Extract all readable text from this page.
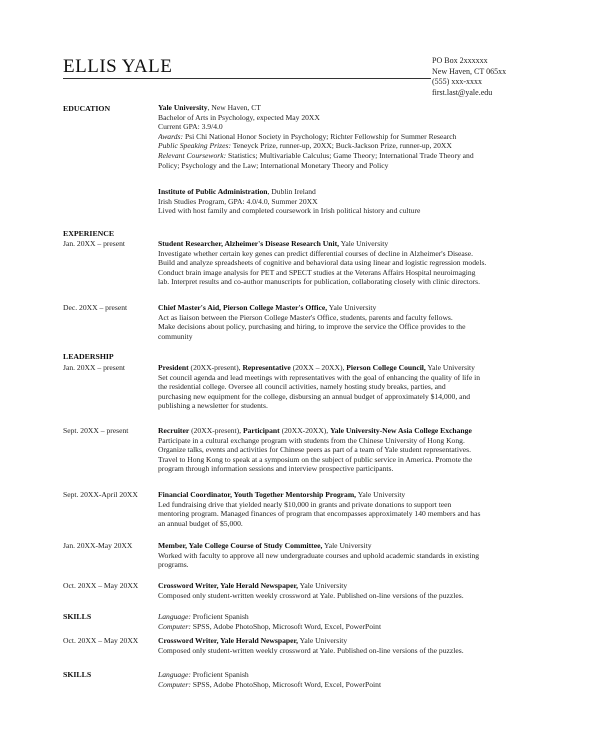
ELLIS YALE	PO Box 2xxxxxx
New Haven, CT 065xx
(555) xxx-xxxx
first.last@yale.edu
EDUCATION	Yale University, New Haven, CT
Bachelor of Arts in Psychology, expected May 20XX
Current GPA: 3.9/4.0
Awards: Psi Chi National Honor Society in Psychology; Richter Fellowship for Summer Research
Public Speaking Prizes: Teneyck Prize, runner-up, 20XX; Buck-Jackson Prize, runner-up, 20XX
Relevant Coursework: Statistics; Multivariable Calculus; Game Theory; International Trade Theory and
Policy; Psychology and the Law; International Monetary Theory and Policy
Institute of Public Administration, Dublin Ireland
Irish Studies Program, GPA: 4.0/4.0, Summer 20XX
Lived with host family and completed coursework in Irish political history and culture
EXPERIENCE
Jan. 20XX – present	Student Researcher, Alzheimer's Disease Research Unit, Yale University
Investigate whether certain key genes can predict differential courses of decline in Alzheimer's Disease.
Build and analyze spreadsheets of cognitive and behavioral data using linear and logistic regression models.
Conduct brain image analysis for PET and SPECT studies at the Veterans Affairs Hospital neuroimaging
lab. Interpret results and co-author manuscripts for publication, collaborating closely with clinic directors.
Dec. 20XX – present	Chief Master's Aid, Pierson College Master's Office, Yale University
Act as liaison between the Pierson College Master's Office, students, parents and faculty fellows.
Make decisions about policy, purchasing and hiring, to improve the service the Office provides to the
community
LEADERSHIP
Jan. 20XX – present	President (20XX-present), Representative (20XX – 20XX), Pierson College Council, Yale University
Set council agenda and lead meetings with representatives with the goal of enhancing the quality of life in
the residential college. Oversee all council activities, namely hosting study breaks, parties, and
purchasing new equipment for the college, disbursing an annual budget of approximately $14,000, and
publishing a newsletter for students.
Sept. 20XX – present	Recruiter (20XX-present), Participant (20XX-20XX), Yale University-New Asia College Exchange
Participate in a cultural exchange program with students from the Chinese University of Hong Kong.
Organize talks, events and activities for Chinese peers as part of a team of Yale student representatives.
Travel to Hong Kong to speak at a symposium on the subject of public service in America. Promote the
program through information sessions and interview prospective participants.
Sept. 20XX-April 20XX	Financial Coordinator, Youth Together Mentorship Program, Yale University
Led fundraising drive that yielded nearly $10,000 in grants and private donations to support teen
mentoring program. Managed finances of program that encompasses approximately 140 members and has
an annual budget of $5,000.
Jan. 20XX-May 20XX	Member, Yale College Course of Study Committee, Yale University
Worked with faculty to approve all new undergraduate courses and uphold academic standards in existing
programs.
Oct. 20XX – May 20XX	Crossword Writer, Yale Herald Newspaper, Yale University
Composed only student-written weekly crossword at Yale. Published on-line versions of the puzzles.
SKILLS	Language: Proficient Spanish
Computer: SPSS, Adobe PhotoShop, Microsoft Word, Excel, PowerPoint
Oct. 20XX – May 20XX	Crossword Writer, Yale Herald Newspaper, Yale University
Composed only student-written weekly crossword at Yale. Published on-line versions of the puzzles.
SKILLS	Language: Proficient Spanish
Computer: SPSS, Adobe PhotoShop, Microsoft Word, Excel, PowerPoint
